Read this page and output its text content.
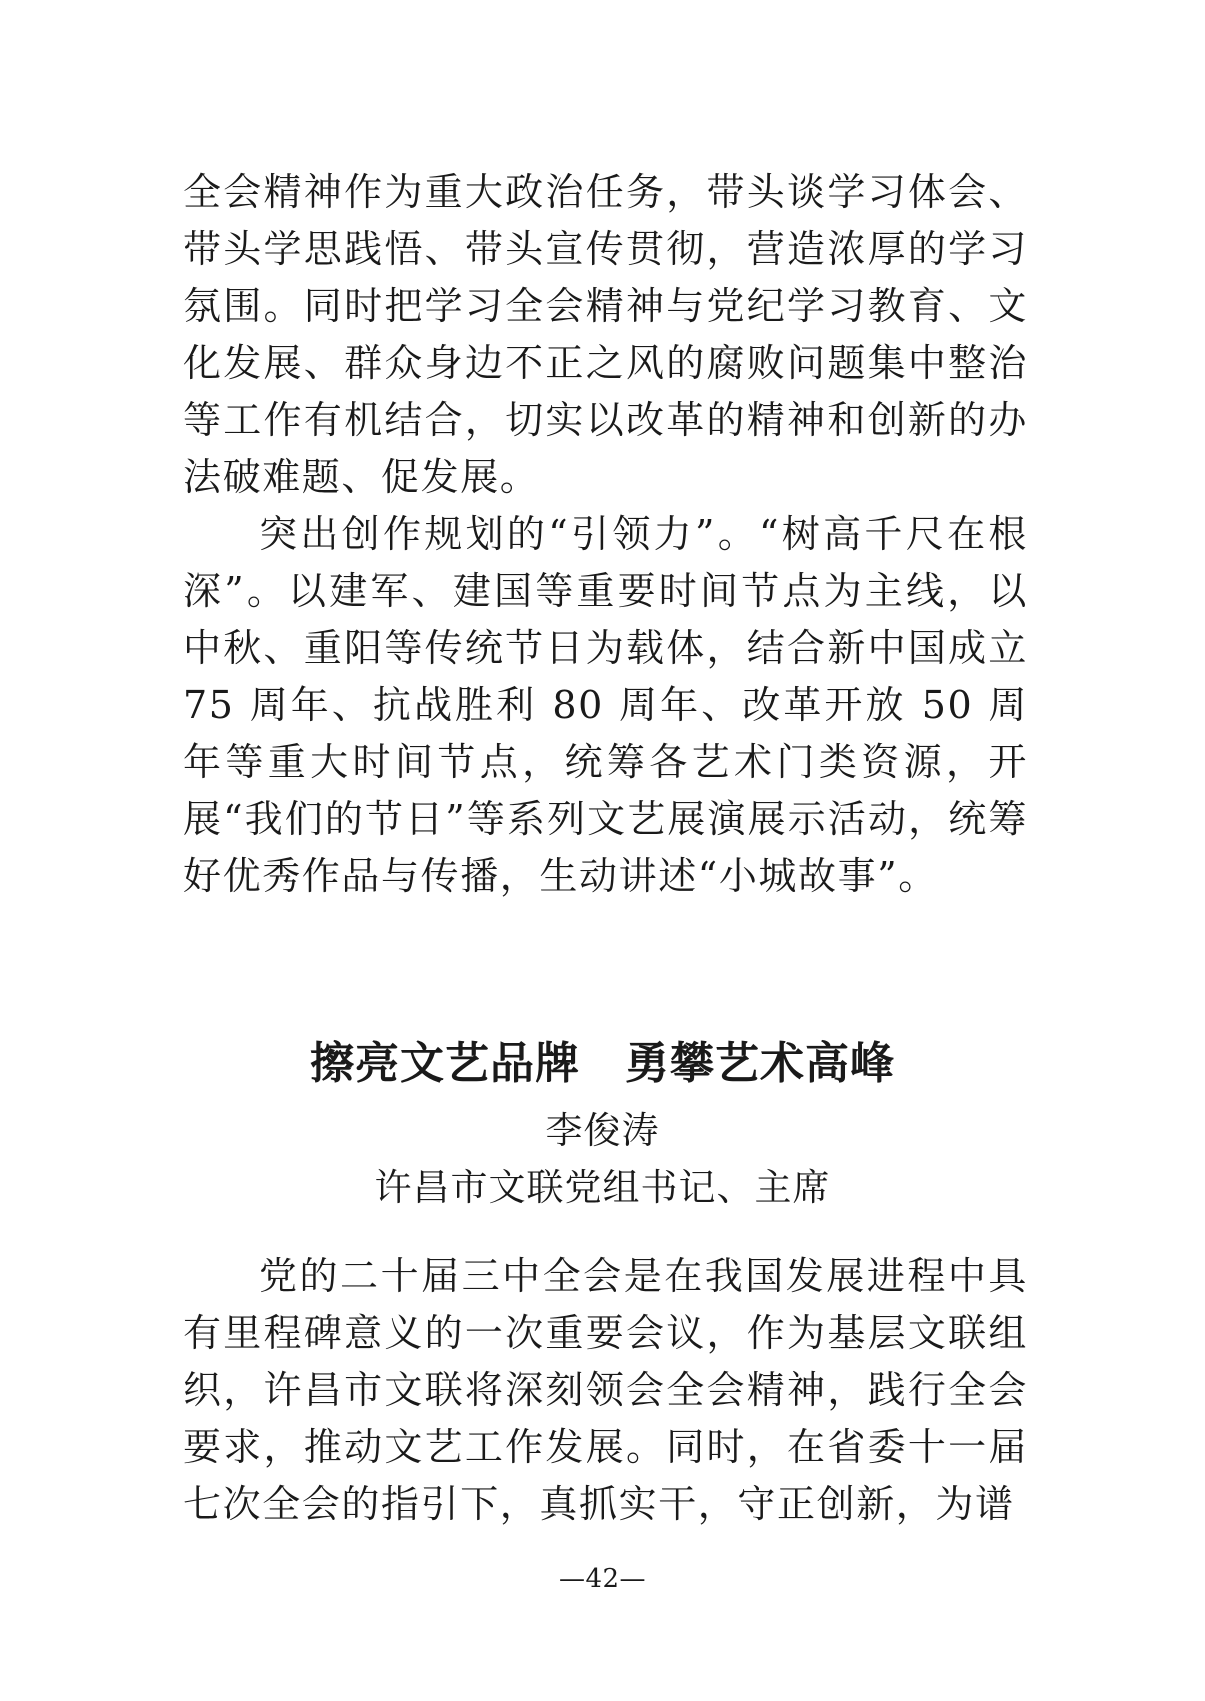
全会精神作为重大政治任务，带头谈学习体会、带头学思践悟、带头宣传贯彻，营造浓厚的学习氛围。同时把学习全会精神与党纪学习教育、文化发展、群众身边不正之风的腐败问题集中整治等工作有机结合，切实以改革的精神和创新的办法破难题、促发展。

突出创作规划的“引领力”。“树高千尺在根深”。以建军、建国等重要时间节点为主线，以中秋、重阳等传统节日为载体，结合新中国成立 75 周年、抗战胜利 80 周年、改革开放 50 周年等重大时间节点，统筹各艺术门类资源，开展“我们的节日”等系列文艺展演展示活动，统筹好优秀作品与传播，生动讲述“小城故事”。

擦亮文艺品牌　勇攀艺术高峰

李俊涛

许昌市文联党组书记、主席

党的二十届三中全会是在我国发展进程中具有里程碑意义的一次重要会议，作为基层文联组织，许昌市文联将深刻领会全会精神，践行全会要求，推动文艺工作发展。同时，在省委十一届七次全会的指引下，真抓实干，守正创新，为谱

—42—
